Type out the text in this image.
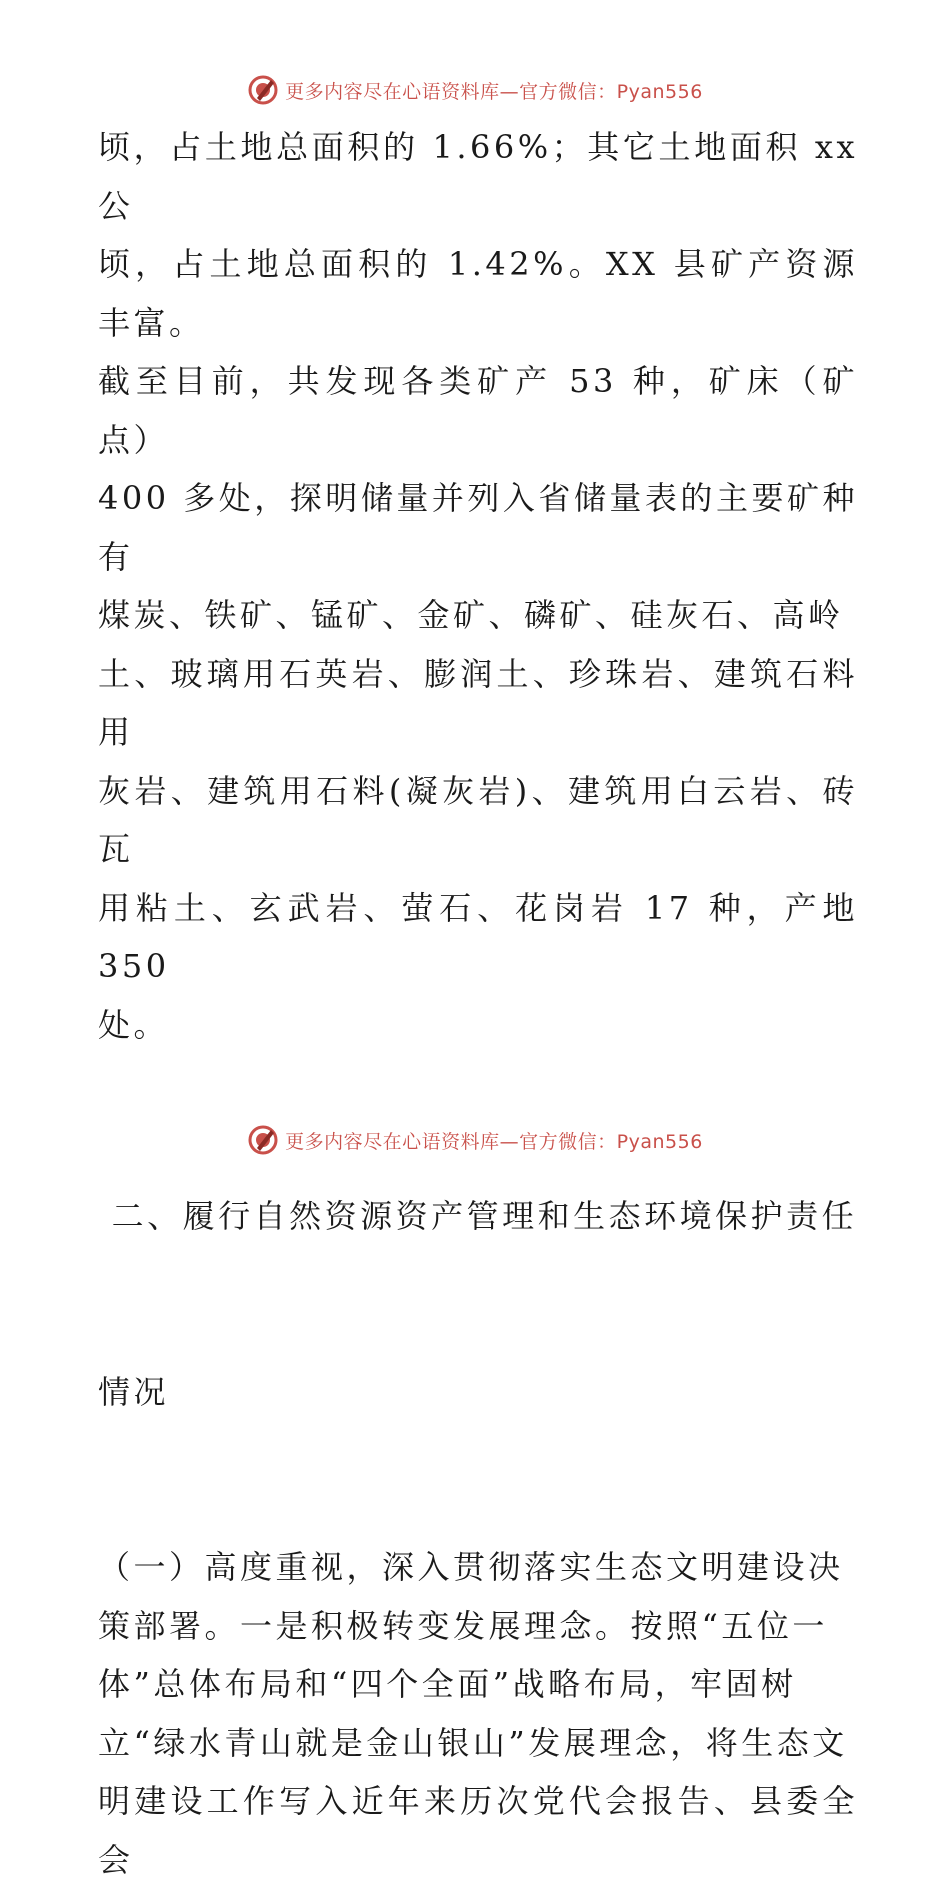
更多内容尽在心语资料库—官方微信：Pyan556
顷，占土地总面积的 1.66%；其它土地面积 xx 公
顷，占土地总面积的 1.42%。XX 县矿产资源丰富。
截至目前，共发现各类矿产 53 种，矿床（矿点）
400 多处，探明储量并列入省储量表的主要矿种有
煤炭、铁矿、锰矿、金矿、磷矿、硅灰石、高岭
土、玻璃用石英岩、膨润土、珍珠岩、建筑石料用
灰岩、建筑用石料(凝灰岩)、建筑用白云岩、砖瓦
用粘土、玄武岩、萤石、花岗岩 17 种，产地 350
处。

二、履行自然资源资产管理和生态环境保护责任

情况

（一）高度重视，深入贯彻落实生态文明建设决
策部署。一是积极转变发展理念。按照“五位一
体”总体布局和“四个全面”战略布局，牢固树
立“绿水青山就是金山银山”发展理念，将生态文
明建设工作写入近年来历次党代会报告、县委全会
更多内容尽在心语资料库—官方微信：Pyan556
